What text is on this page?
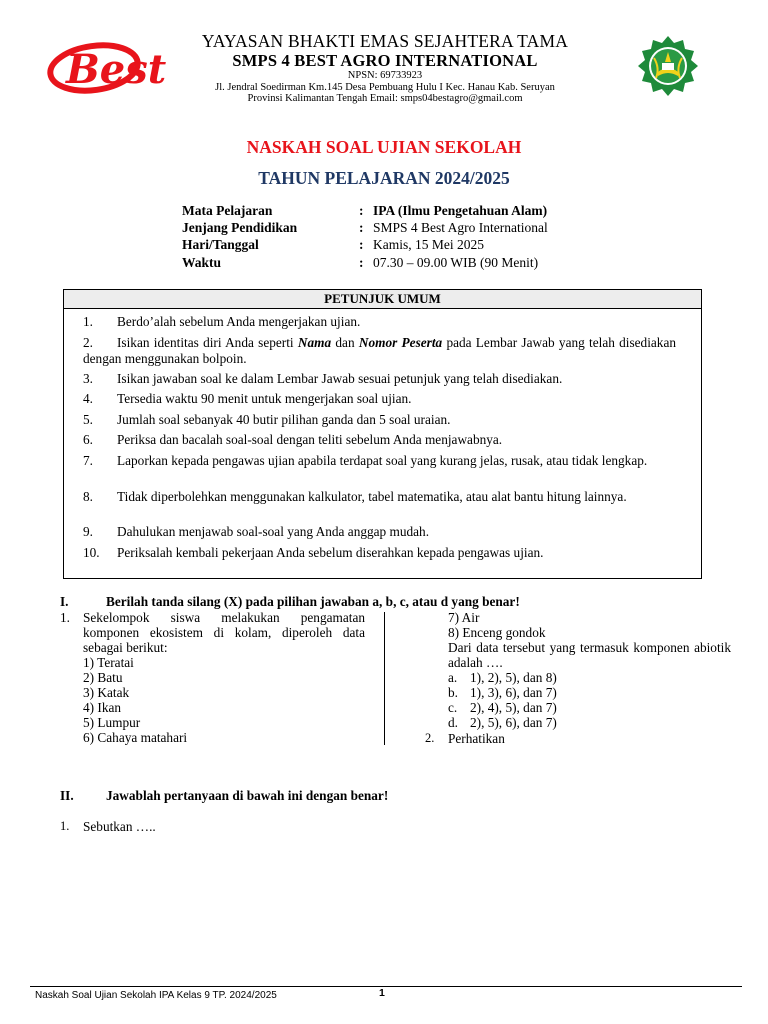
Best
YAYASAN BHAKTI EMAS SEJAHTERA TAMA
SMPS 4 BEST AGRO INTERNATIONAL
NPSN: 69733923
Jl. Jendral Soedirman Km.145 Desa Pembuang Hulu I Kec. Hanau Kab. Seruyan
Provinsi Kalimantan Tengah Email: smps04bestagro@gmail.com
NASKAH SOAL UJIAN SEKOLAH
TAHUN PELAJARAN 2024/2025
Mata Pelajaran	: IPA (Ilmu Pengetahuan Alam)
Jenjang Pendidikan	: SMPS 4 Best Agro International
Hari/Tanggal	: Kamis, 15 Mei 2025
Waktu	: 07.30 – 09.00 WIB (90 Menit)
PETUNJUK UMUM
1.	Berdo’alah sebelum Anda mengerjakan ujian.
2.	Isikan identitas diri Anda seperti Nama dan Nomor Peserta pada Lembar Jawab yang telah disediakan dengan menggunakan bolpoin.
3.	Isikan jawaban soal ke dalam Lembar Jawab sesuai petunjuk yang telah disediakan.
4.	Tersedia waktu 90 menit untuk mengerjakan soal ujian.
5.	Jumlah soal sebanyak 40 butir pilihan ganda dan 5 soal uraian.
6.	Periksa dan bacalah soal-soal dengan teliti sebelum Anda menjawabnya.
7.	Laporkan kepada pengawas ujian apabila terdapat soal yang kurang jelas, rusak, atau tidak lengkap.
8.	Tidak diperbolehkan menggunakan kalkulator, tabel matematika, atau alat bantu hitung lainnya.
9.	Dahulukan menjawab soal-soal yang Anda anggap mudah.
10.	Periksalah kembali pekerjaan Anda sebelum diserahkan kepada pengawas ujian.
I.	Berilah tanda silang (X) pada pilihan jawaban a, b, c, atau d yang benar!
1. Sekelompok siswa melakukan pengamatan komponen ekosistem di kolam, diperoleh data sebagai berikut:
1) Teratai
2) Batu
3) Katak
4) Ikan
5) Lumpur
6) Cahaya matahari
7) Air
8) Enceng gondok
Dari data tersebut yang termasuk komponen abiotik adalah ….
a. 1), 2), 5), dan 8)
b. 1), 3), 6), dan 7)
c. 2), 4), 5), dan 7)
d. 2), 5), 6), dan 7)
2. Perhatikan
II. Jawablah pertanyaan di bawah ini dengan benar!
1. Sebutkan …..
Naskah Soal Ujian Sekolah IPA Kelas 9 TP. 2024/2025	1
